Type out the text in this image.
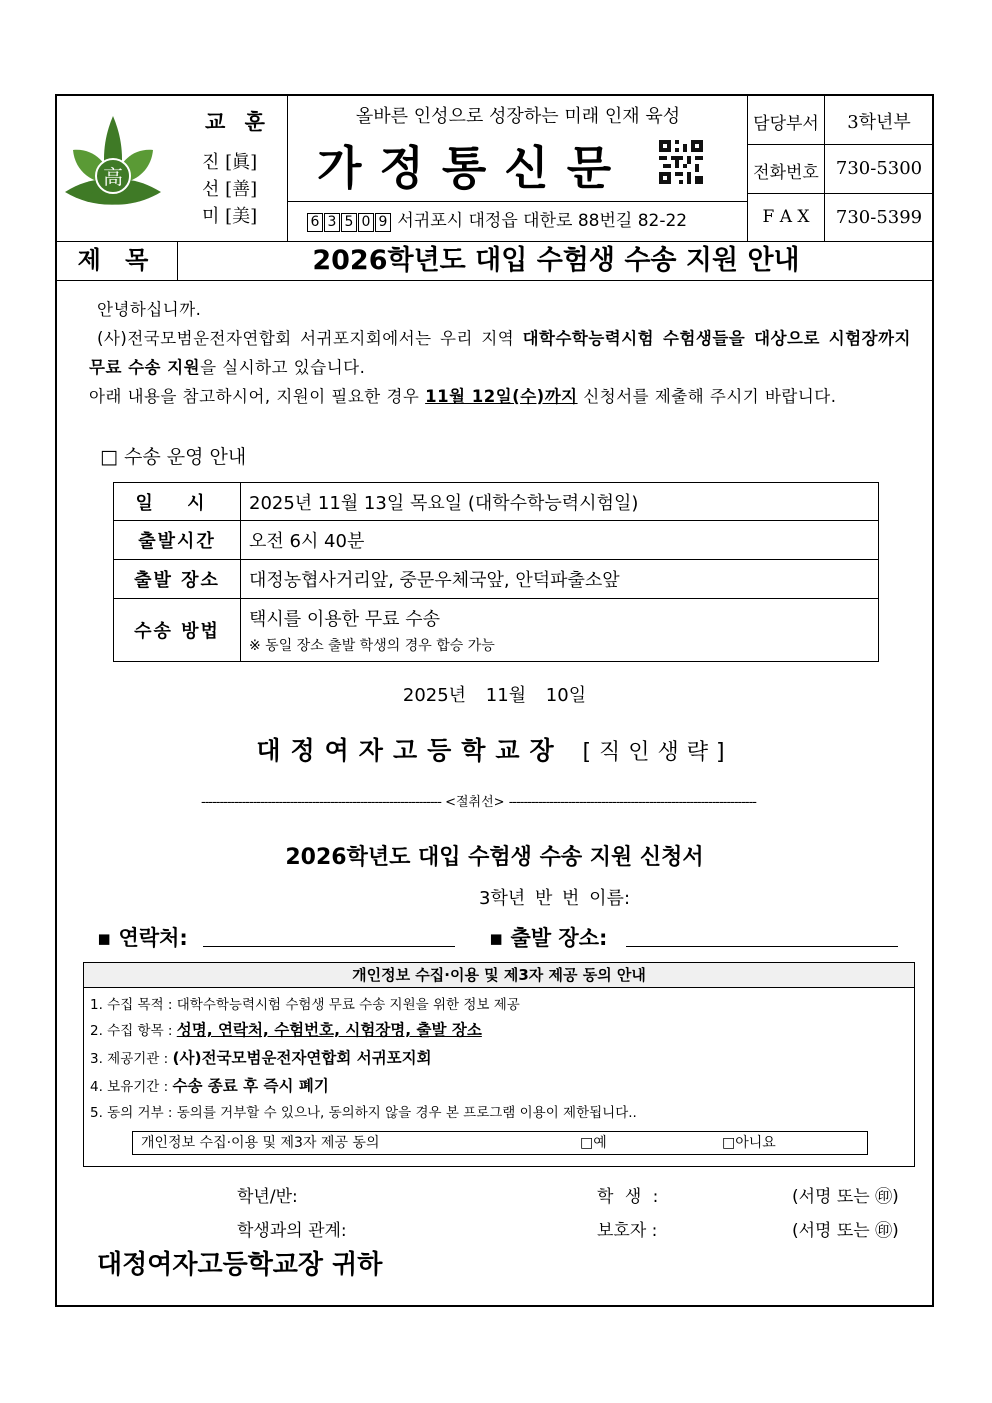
高
교 훈
진 [眞]
선 [善]
미 [美]
올바른 인성으로 성장하는 미래 인재 육성
가정통신문
6 3 5 0 9 서귀포시 대정읍 대한로 88번길 82-22
담당부서	3학년부
전화번호 730-5300
F A X	730-5399
제 목	2026학년도 대입 수험생 수송 지원 안내
안녕하십니까.
(사)전국모범운전자연합회 서귀포지회에서는 우리 지역 대학수학능력시험 수험생들을 대상으로 시험장까지 무료 수송 지원을 실시하고 있습니다.
아래 내용을 참고하시어, 지원이 필요한 경우 11월 12일(수)까지 신청서를 제출해 주시기 바랍니다.
□ 수송 운영 안내
일 시	2025년 11월 13일 목요일 (대학수학능력시험일)
출발시간	오전 6시 40분
출발 장소	대정농협사거리앞, 중문우체국앞, 안덕파출소앞
수송 방법	택시를 이용한 무료 수송
※ 동일 장소 출발 학생의 경우 합승 가능
2025년 11월 10일
대정여자고등학교장 [직인생략]
----------------------------------------------------------------- <절취선> -------------------------------------------------------------------
2026학년도 대입 수험생 수송 지원 신청서
3학년 반 번 이름:
▪ 연락처:	▪ 출발 장소:
개인정보 수집·이용 및 제3자 제공 동의 안내
1. 수집 목적 : 대학수학능력시험 수험생 무료 수송 지원을 위한 정보 제공
2. 수집 항목 : 성명, 연락처, 수험번호, 시험장명, 출발 장소
3. 제공기관 : (사)전국모범운전자연합회 서귀포지회
4. 보유기간 : 수송 종료 후 즉시 폐기
5. 동의 거부 : 동의를 거부할 수 있으나, 동의하지 않을 경우 본 프로그램 이용이 제한됩니다..
개인정보 수집·이용 및 제3자 제공 동의	□예	□아니요
학년/반:	학 생 :	(서명 또는 ㊞)
학생과의 관계:	보호자 :	(서명 또는 ㊞)
대정여자고등학교장 귀하
